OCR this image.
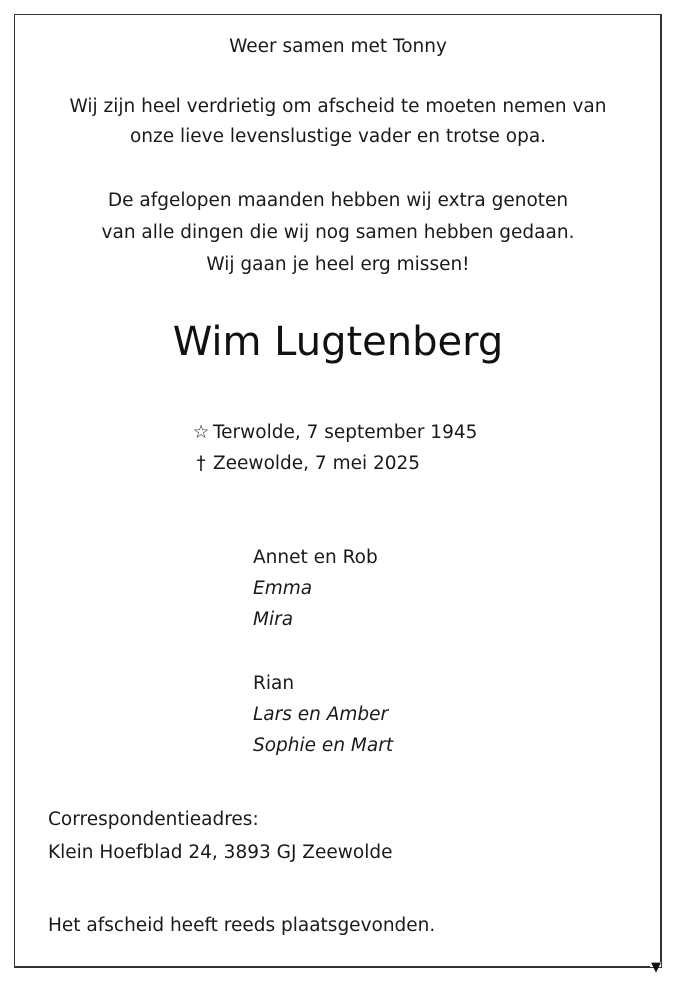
▼
Weer samen met Tonny
Wij zijn heel verdrietig om afscheid te moeten nemen van
onze lieve levenslustige vader en trotse opa.
De afgelopen maanden hebben wij extra genoten
van alle dingen die wij nog samen hebben gedaan.
Wij gaan je heel erg missen!
Wim Lugtenberg
☆ Terwolde, 7 september 1945
† Zeewolde, 7 mei 2025
Annet en Rob
Emma
Mira
Rian
Lars en Amber
Sophie en Mart
Correspondentieadres:
Klein Hoefblad 24, 3893 GJ Zeewolde
Het afscheid heeft reeds plaatsgevonden.
